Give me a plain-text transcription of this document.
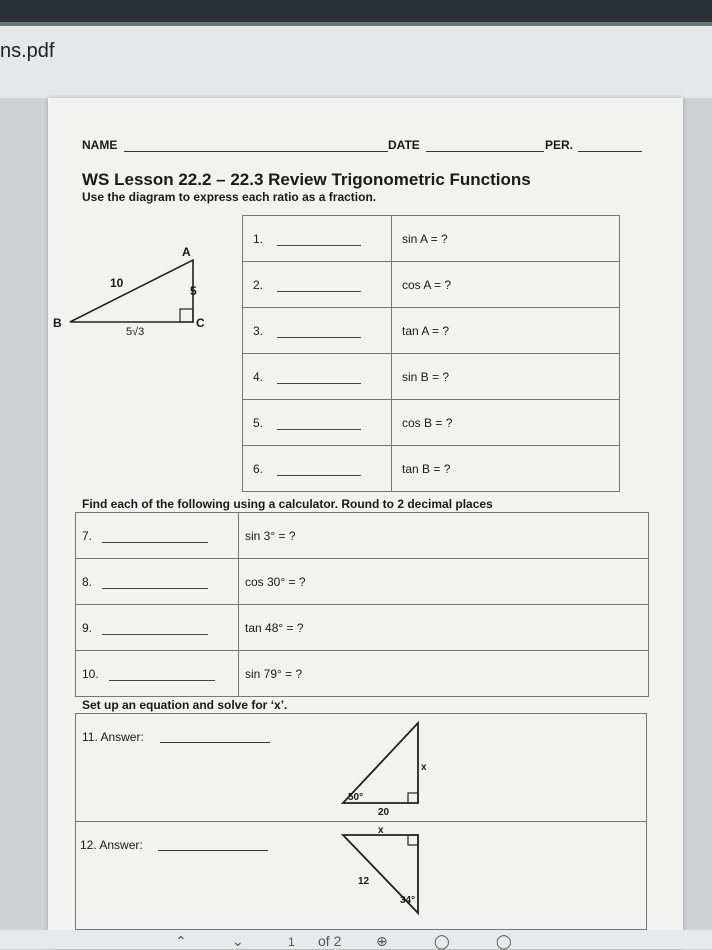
ns.pdf
NAME	DATE	PER.
WS Lesson 22.2 – 22.3 Review Trigonometric Functions
Use the diagram to express each ratio as a fraction.
A
B	C
10
5
5√3
1.	sin A = ?
2.	cos A = ?
3.	tan A = ?
4.	sin B = ?
5.	cos B = ?
6.	tan B = ?
Find each of the following using a calculator. Round to 2 decimal places
7.	sin 3° = ?
8.	cos 30° = ?
9.	tan 48° = ?
10.	sin 79° = ?
Set up an equation and solve for ‘x’.
11. Answer:
12. Answer:
50°
20
x
x
12
34°
⌃	⌄	1 of 2 ⊕	◯	◯
